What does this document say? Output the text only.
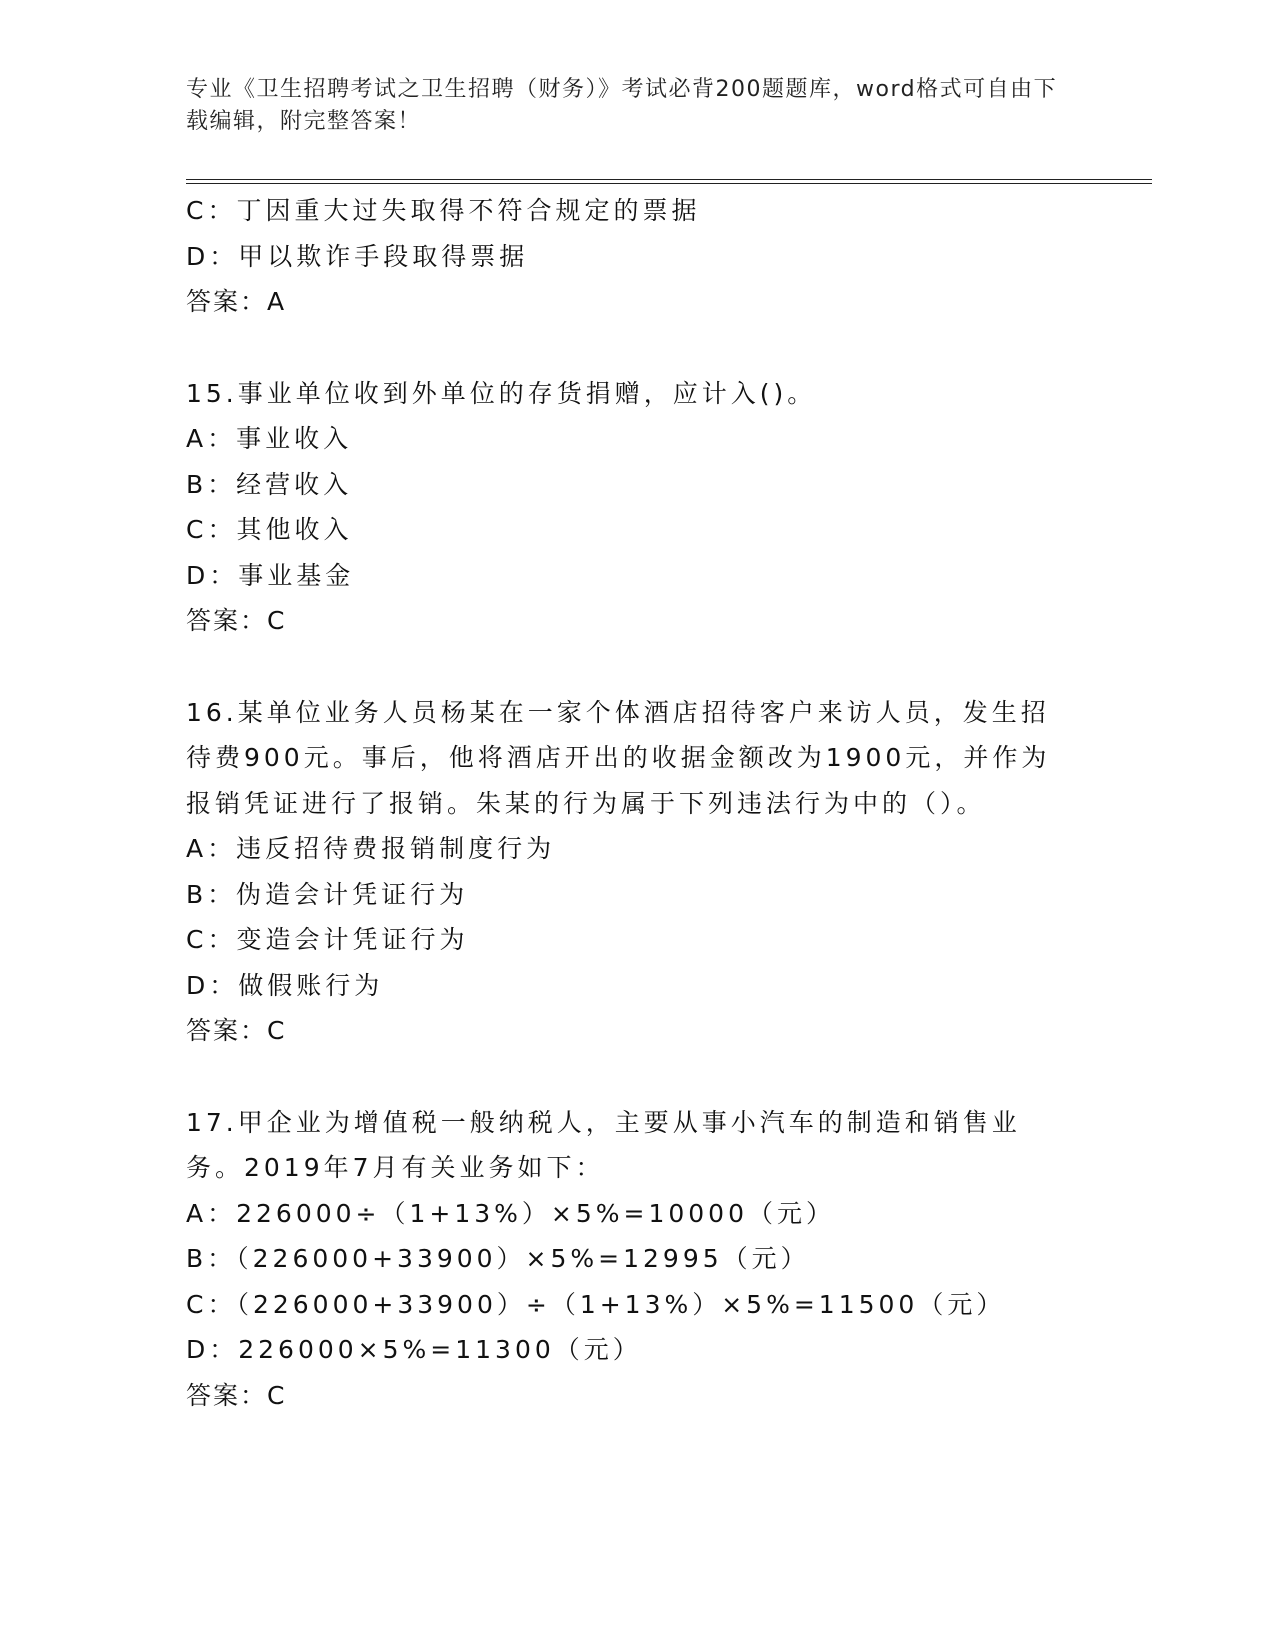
专业《卫生招聘考试之卫生招聘（财务）》考试必背200题题库，word格式可自由下载编辑，附完整答案！
C：丁因重大过失取得不符合规定的票据
D：甲以欺诈手段取得票据
答案：A
15.事业单位收到外单位的存货捐赠，应计入()。
A：事业收入
B：经营收入
C：其他收入
D：事业基金
答案：C
16.某单位业务人员杨某在一家个体酒店招待客户来访人员，发生招待费900元。事后，他将酒店开出的收据金额改为1900元，并作为报销凭证进行了报销。朱某的行为属于下列违法行为中的（）。
A：违反招待费报销制度行为
B：伪造会计凭证行为
C：变造会计凭证行为
D：做假账行为
答案：C
17.甲企业为增值税一般纳税人，主要从事小汽车的制造和销售业务。2019年7月有关业务如下：
A：226000÷（1+13%）×5%=10000（元）
B：（226000+33900）×5%=12995（元）
C：（226000+33900）÷（1+13%）×5%=11500（元）
D：226000×5%=11300（元）
答案：C
